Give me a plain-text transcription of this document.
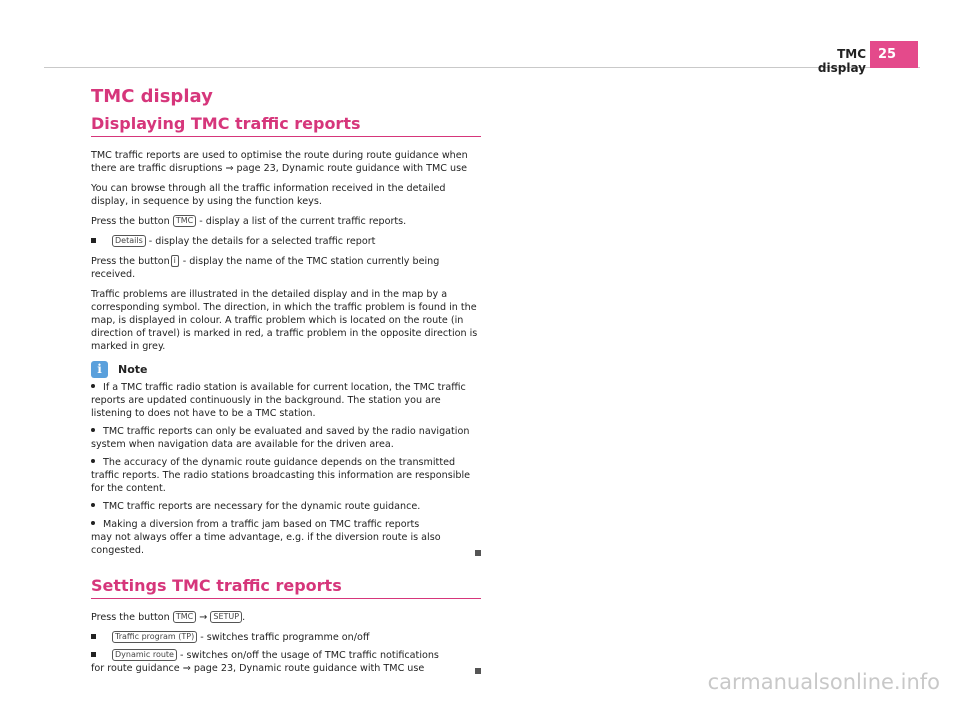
TMC display
25
TMC display
Displaying TMC traffic reports

TMC traffic reports are used to optimise the route during route guidance when there are traffic disruptions ⇒ page 23, Dynamic route guidance with TMC use

You can browse through all the traffic information received in the detailed display, in sequence by using the function keys.

Press the button TMC - display a list of the current traffic reports.

Details - display the details for a selected traffic report

Press the button i - display the name of the TMC station currently being received.

Traffic problems are illustrated in the detailed display and in the map by a corresponding symbol. The direction, in which the traffic problem is found in the map, is displayed in colour. A traffic problem which is located on the route (in direction of travel) is marked in red, a traffic problem in the opposite direction is marked in grey.

i	Note

If a TMC traffic radio station is available for current location, the TMC traffic reports are updated continuously in the background. The station you are listening to does not have to be a TMC station.

TMC traffic reports can only be evaluated and saved by the radio navigation system when navigation data are available for the driven area.

The accuracy of the dynamic route guidance depends on the transmitted traffic reports. The radio stations broadcasting this information are responsible for the content.

TMC traffic reports are necessary for the dynamic route guidance.

Making a diversion from a traffic jam based on TMC traffic reports may not always offer a time advantage, e.g. if the diversion route is also congested.

Settings TMC traffic reports

Press the button TMC → SETUP .

Traffic program (TP) - switches traffic programme on/off

Dynamic route - switches on/off the usage of TMC traffic notifications for route guidance ⇒ page 23, Dynamic route guidance with TMC use

carmanualsonline.info
